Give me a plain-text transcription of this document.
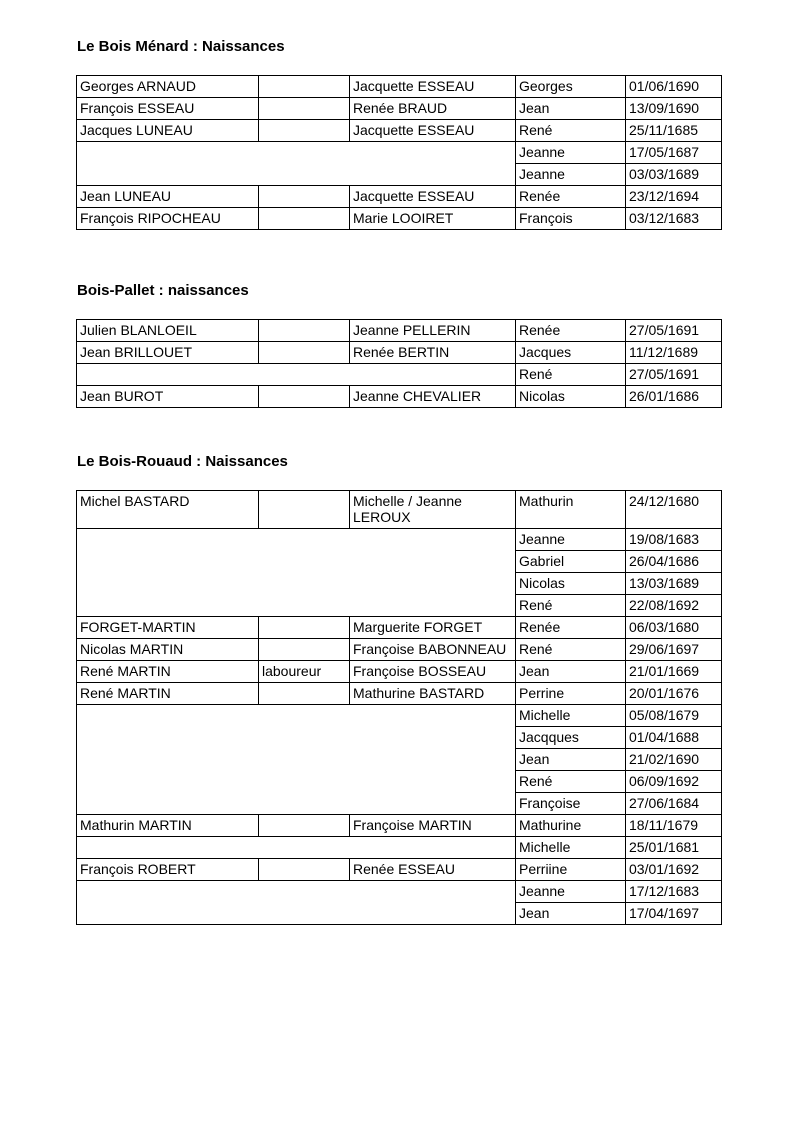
Le Bois Ménard : Naissances
Georges ARNAUD		Jacquette ESSEAU	Georges	01/06/1690
François ESSEAU		Renée BRAUD	Jean	13/09/1690
Jacques LUNEAU		Jacquette ESSEAU	René	25/11/1685
			Jeanne	17/05/1687
			Jeanne	03/03/1689
Jean LUNEAU		Jacquette ESSEAU	Renée	23/12/1694
François RIPOCHEAU		Marie LOOIRET	François	03/12/1683
Bois-Pallet : naissances
Julien BLANLOEIL		Jeanne PELLERIN	Renée	27/05/1691
Jean BRILLOUET		Renée BERTIN	Jacques	11/12/1689
			René	27/05/1691
Jean BUROT		Jeanne CHEVALIER	Nicolas	26/01/1686
Le Bois-Rouaud : Naissances
Michel BASTARD		Michelle / Jeanne LEROUX	Mathurin	24/12/1680
			Jeanne	19/08/1683
			Gabriel	26/04/1686
			Nicolas	13/03/1689
			René	22/08/1692
FORGET-MARTIN		Marguerite FORGET	Renée	06/03/1680
Nicolas MARTIN		Françoise BABONNEAU	René	29/06/1697
René MARTIN	laboureur	Françoise BOSSEAU	Jean	21/01/1669
René MARTIN		Mathurine BASTARD	Perrine	20/01/1676
			Michelle	05/08/1679
			Jacqques	01/04/1688
			Jean	21/02/1690
			René	06/09/1692
			Françoise	27/06/1684
Mathurin MARTIN		Françoise MARTIN	Mathurine	18/11/1679
			Michelle	25/01/1681
François ROBERT		Renée ESSEAU	Perriine	03/01/1692
			Jeanne	17/12/1683
			Jean	17/04/1697
